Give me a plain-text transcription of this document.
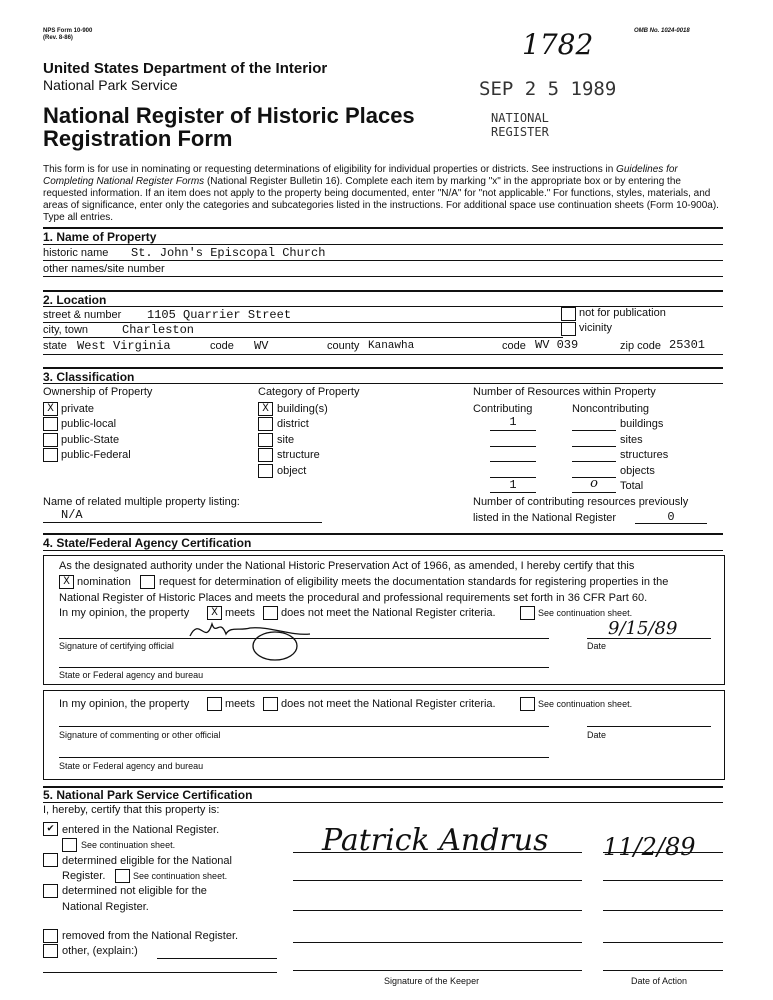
NPS Form 10-900
(Rev. 8-86)
OMB No. 1024-0018
1782
SEP 2 5 1989
NATIONAL
REGISTER
United States Department of the Interior
National Park Service
National Register of Historic Places
Registration Form
This form is for use in nominating or requesting determinations of eligibility for individual properties or districts. See instructions in Guidelines for Completing National Register Forms (National Register Bulletin 16). Complete each item by marking "x" in the appropriate box or by entering the requested information. If an item does not apply to the property being documented, enter "N/A" for "not applicable." For functions, styles, materials, and areas of significance, enter only the categories and subcategories listed in the instructions. For additional space use continuation sheets (Form 10-900a). Type all entries.
1. Name of Property
historic name St. John's Episcopal Church
other names/site number
2. Location
street & number 1105 Quarrier Street	not for publication
city, town	Charleston	vicinity
state West Virginia	code WV	county Kanawha	code WV 039	zip code 25301
3. Classification
Ownership of Property
X private
public-local
public-State
public-Federal
Category of Property
X building(s)
district
site
structure
object
Number of Resources within Property
Contributing	Noncontributing
1	buildings
sites
structures
objects
1	o	Total
Name of related multiple property listing:
N/A
Number of contributing resources previously
listed in the National Register	0
4. State/Federal Agency Certification
As the designated authority under the National Historic Preservation Act of 1966, as amended, I hereby certify that this
X nomination	request for determination of eligibility meets the documentation standards for registering properties in the
National Register of Historic Places and meets the procedural and professional requirements set forth in 36 CFR Part 60.
In my opinion, the property	X meets does not meet the National Register criteria.	See continuation sheet.
9/15/89
Signature of certifying official	Date
State or Federal agency and bureau
In my opinion, the property	meets does not meet the National Register criteria.	See continuation sheet.
Signature of commenting or other official	Date
State or Federal agency and bureau
5. National Park Service Certification
I, hereby, certify that this property is:
✔ entered in the National Register.
See continuation sheet.
determined eligible for the National
Register.	See continuation sheet.
determined not eligible for the
National Register.
removed from the National Register.
other, (explain:)
Patrick Andrus 11/2/89
Signature of the Keeper	Date of Action
